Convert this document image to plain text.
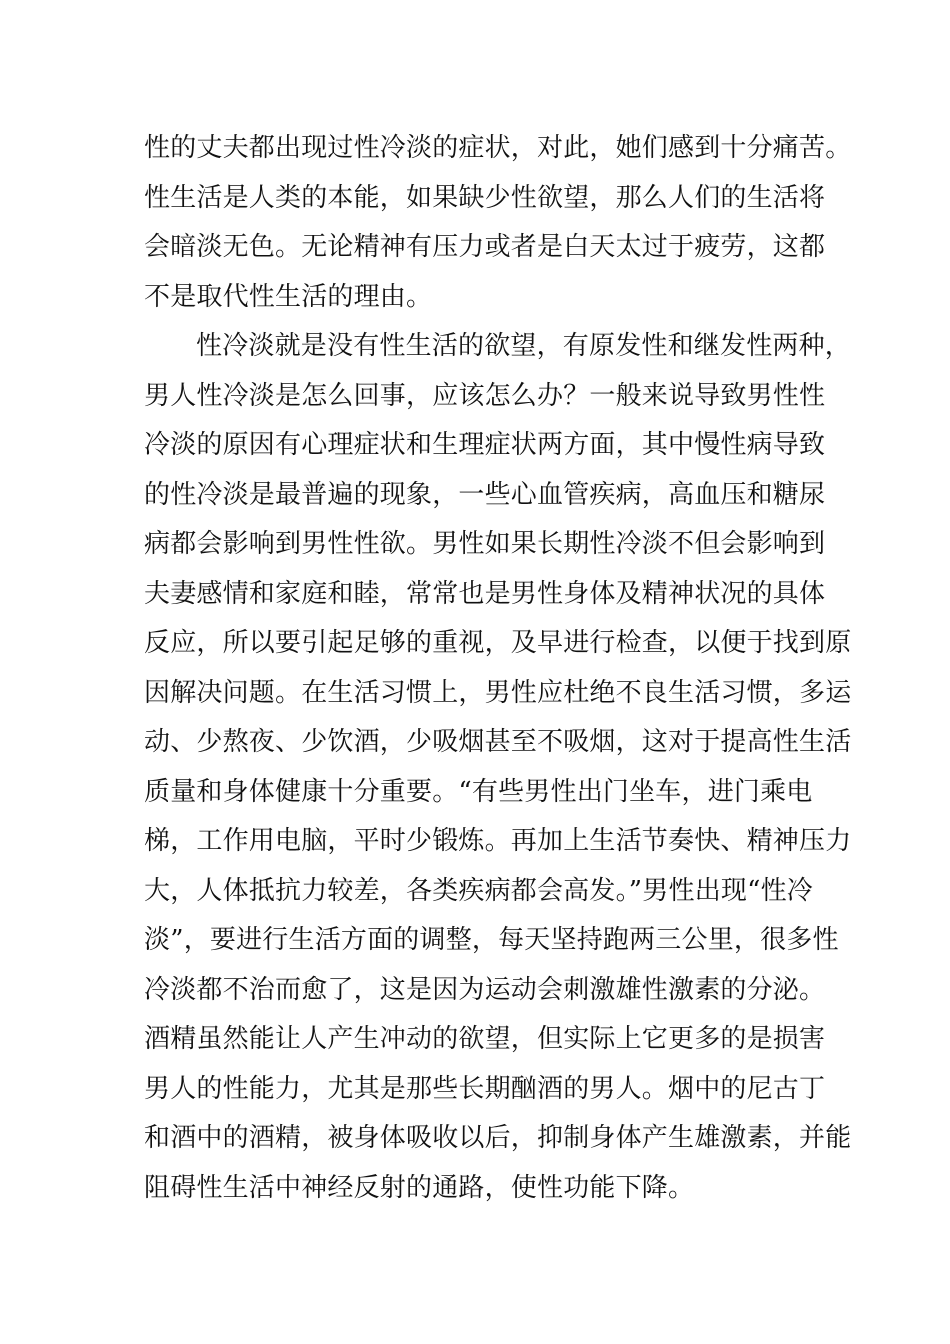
性的丈夫都出现过性冷淡的症状，对此，她们感到十分痛苦。
性生活是人类的本能，如果缺少性欲望，那么人们的生活将
会暗淡无色。无论精神有压力或者是白天太过于疲劳，这都
不是取代性生活的理由。
性冷淡就是没有性生活的欲望，有原发性和继发性两种，
男人性冷淡是怎么回事，应该怎么办？一般来说导致男性性
冷淡的原因有心理症状和生理症状两方面，其中慢性病导致
的性冷淡是最普遍的现象，一些心血管疾病，高血压和糖尿
病都会影响到男性性欲。男性如果长期性冷淡不但会影响到
夫妻感情和家庭和睦，常常也是男性身体及精神状况的具体
反应，所以要引起足够的重视，及早进行检查，以便于找到原
因解决问题。在生活习惯上，男性应杜绝不良生活习惯，多运
动、少熬夜、少饮酒，少吸烟甚至不吸烟，这对于提高性生活
质量和身体健康十分重要。“有些男性出门坐车，进门乘电
梯，工作用电脑，平时少锻炼。再加上生活节奏快、精神压力
大，人体抵抗力较差，各类疾病都会高发。”男性出现“性冷
淡”，要进行生活方面的调整，每天坚持跑两三公里，很多性
冷淡都不治而愈了，这是因为运动会刺激雄性激素的分泌。
酒精虽然能让人产生冲动的欲望，但实际上它更多的是损害
男人的性能力，尤其是那些长期酗酒的男人。烟中的尼古丁
和酒中的酒精，被身体吸收以后，抑制身体产生雄激素，并能
阻碍性生活中神经反射的通路，使性功能下降。
